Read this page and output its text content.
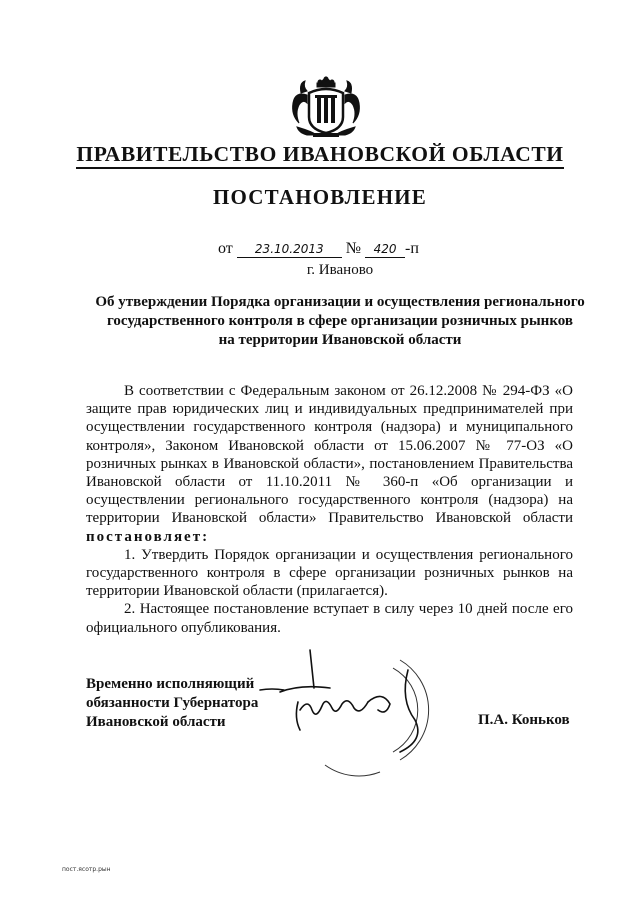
ПРАВИТЕЛЬСТВО ИВАНОВСКОЙ ОБЛАСТИ
ПОСТАНОВЛЕНИЕ
от 23.10.2013 № 420 -п
г. Иваново
Об утверждении Порядка организации и осуществления регионального
государственного контроля в сфере организации розничных рынков
на территории Ивановской области

В соответствии с Федеральным законом от 26.12.2008 № 294-ФЗ «О защите прав юридических лиц и индивидуальных предпринимателей при осуществлении государственного контроля (надзора) и муниципального контроля», Законом Ивановской области от 15.06.2007 № 77-ОЗ «О розничных рынках в Ивановской области», постановлением Правительства Ивановской области от 11.10.2011 № 360-п «Об организации и осуществлении регионального государственного контроля (надзора) на территории Ивановской области» Правительство Ивановской области постановляет:

1. Утвердить Порядок организации и осуществления регионального государственного контроля в сфере организации розничных рынков на территории Ивановской области (прилагается).

2. Настоящее постановление вступает в силу через 10 дней после его официального опубликования.

Временно исполняющий
обязанности Губернатора
Ивановской области	П.А. Коньков
пост.ясотр.рын
